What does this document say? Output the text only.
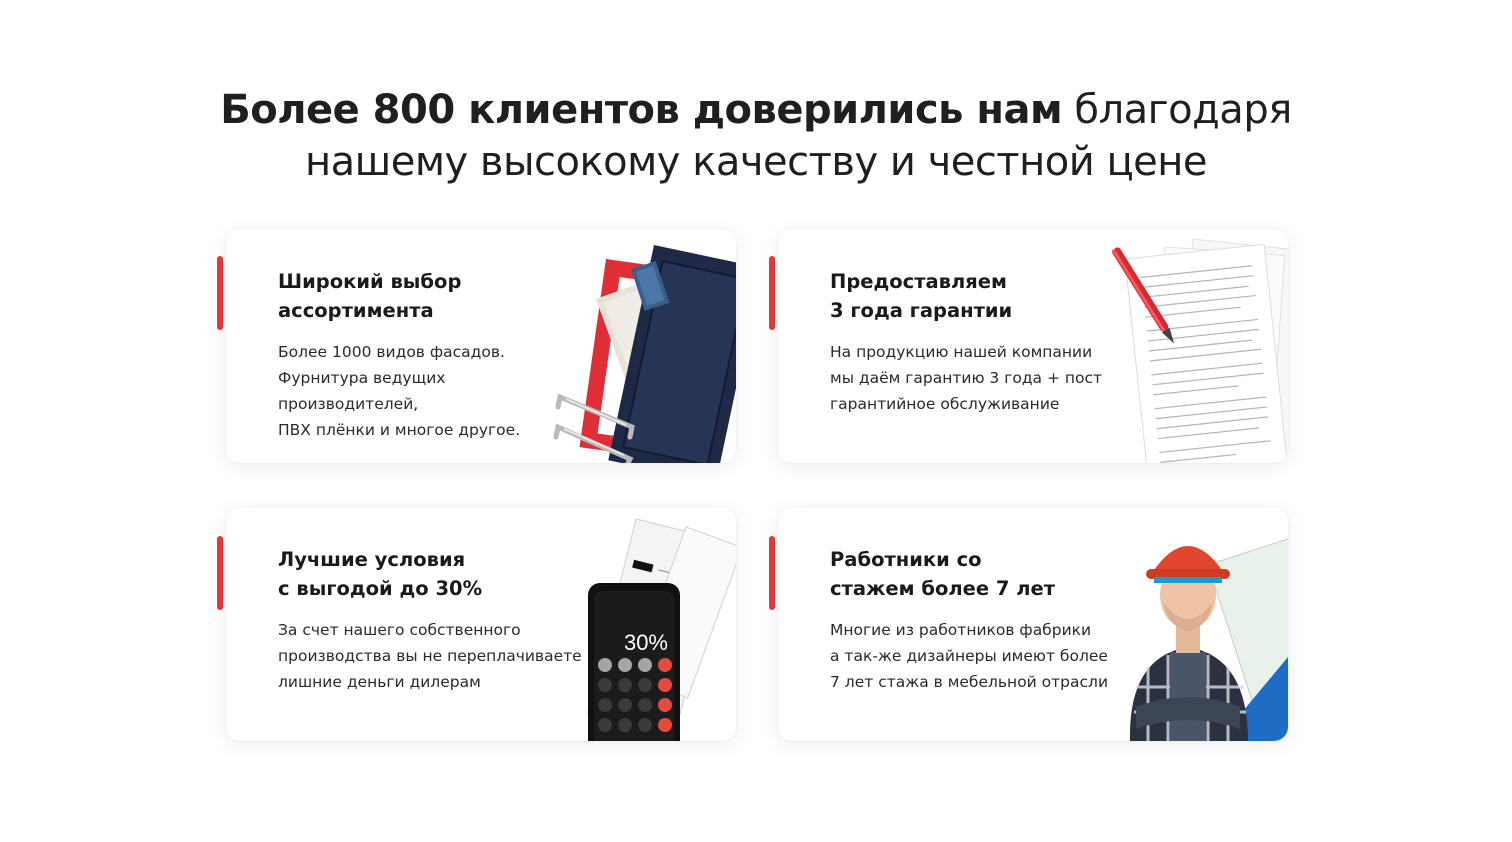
Более 800 клиентов доверились нам благодаря
нашему высокому качеству и честной цене
Широкий выбор
ассортимента
Более 1000 видов фасадов.
Фурнитура ведущих производителей,
ПВХ плёнки и многое другое.
Предоставляем
3 года гарантии
На продукцию нашей компании
мы даём гарантию 3 года + пост
гарантийное обслуживание
Лучшие условия
с выгодой до 30%
За счет нашего собственного
производства вы не переплачиваете
лишние деньги дилерам
30%
Работники со
стажем более 7 лет
Многие из работников фабрики
а так-же дизайнеры имеют более
7 лет стажа в мебельной отрасли
